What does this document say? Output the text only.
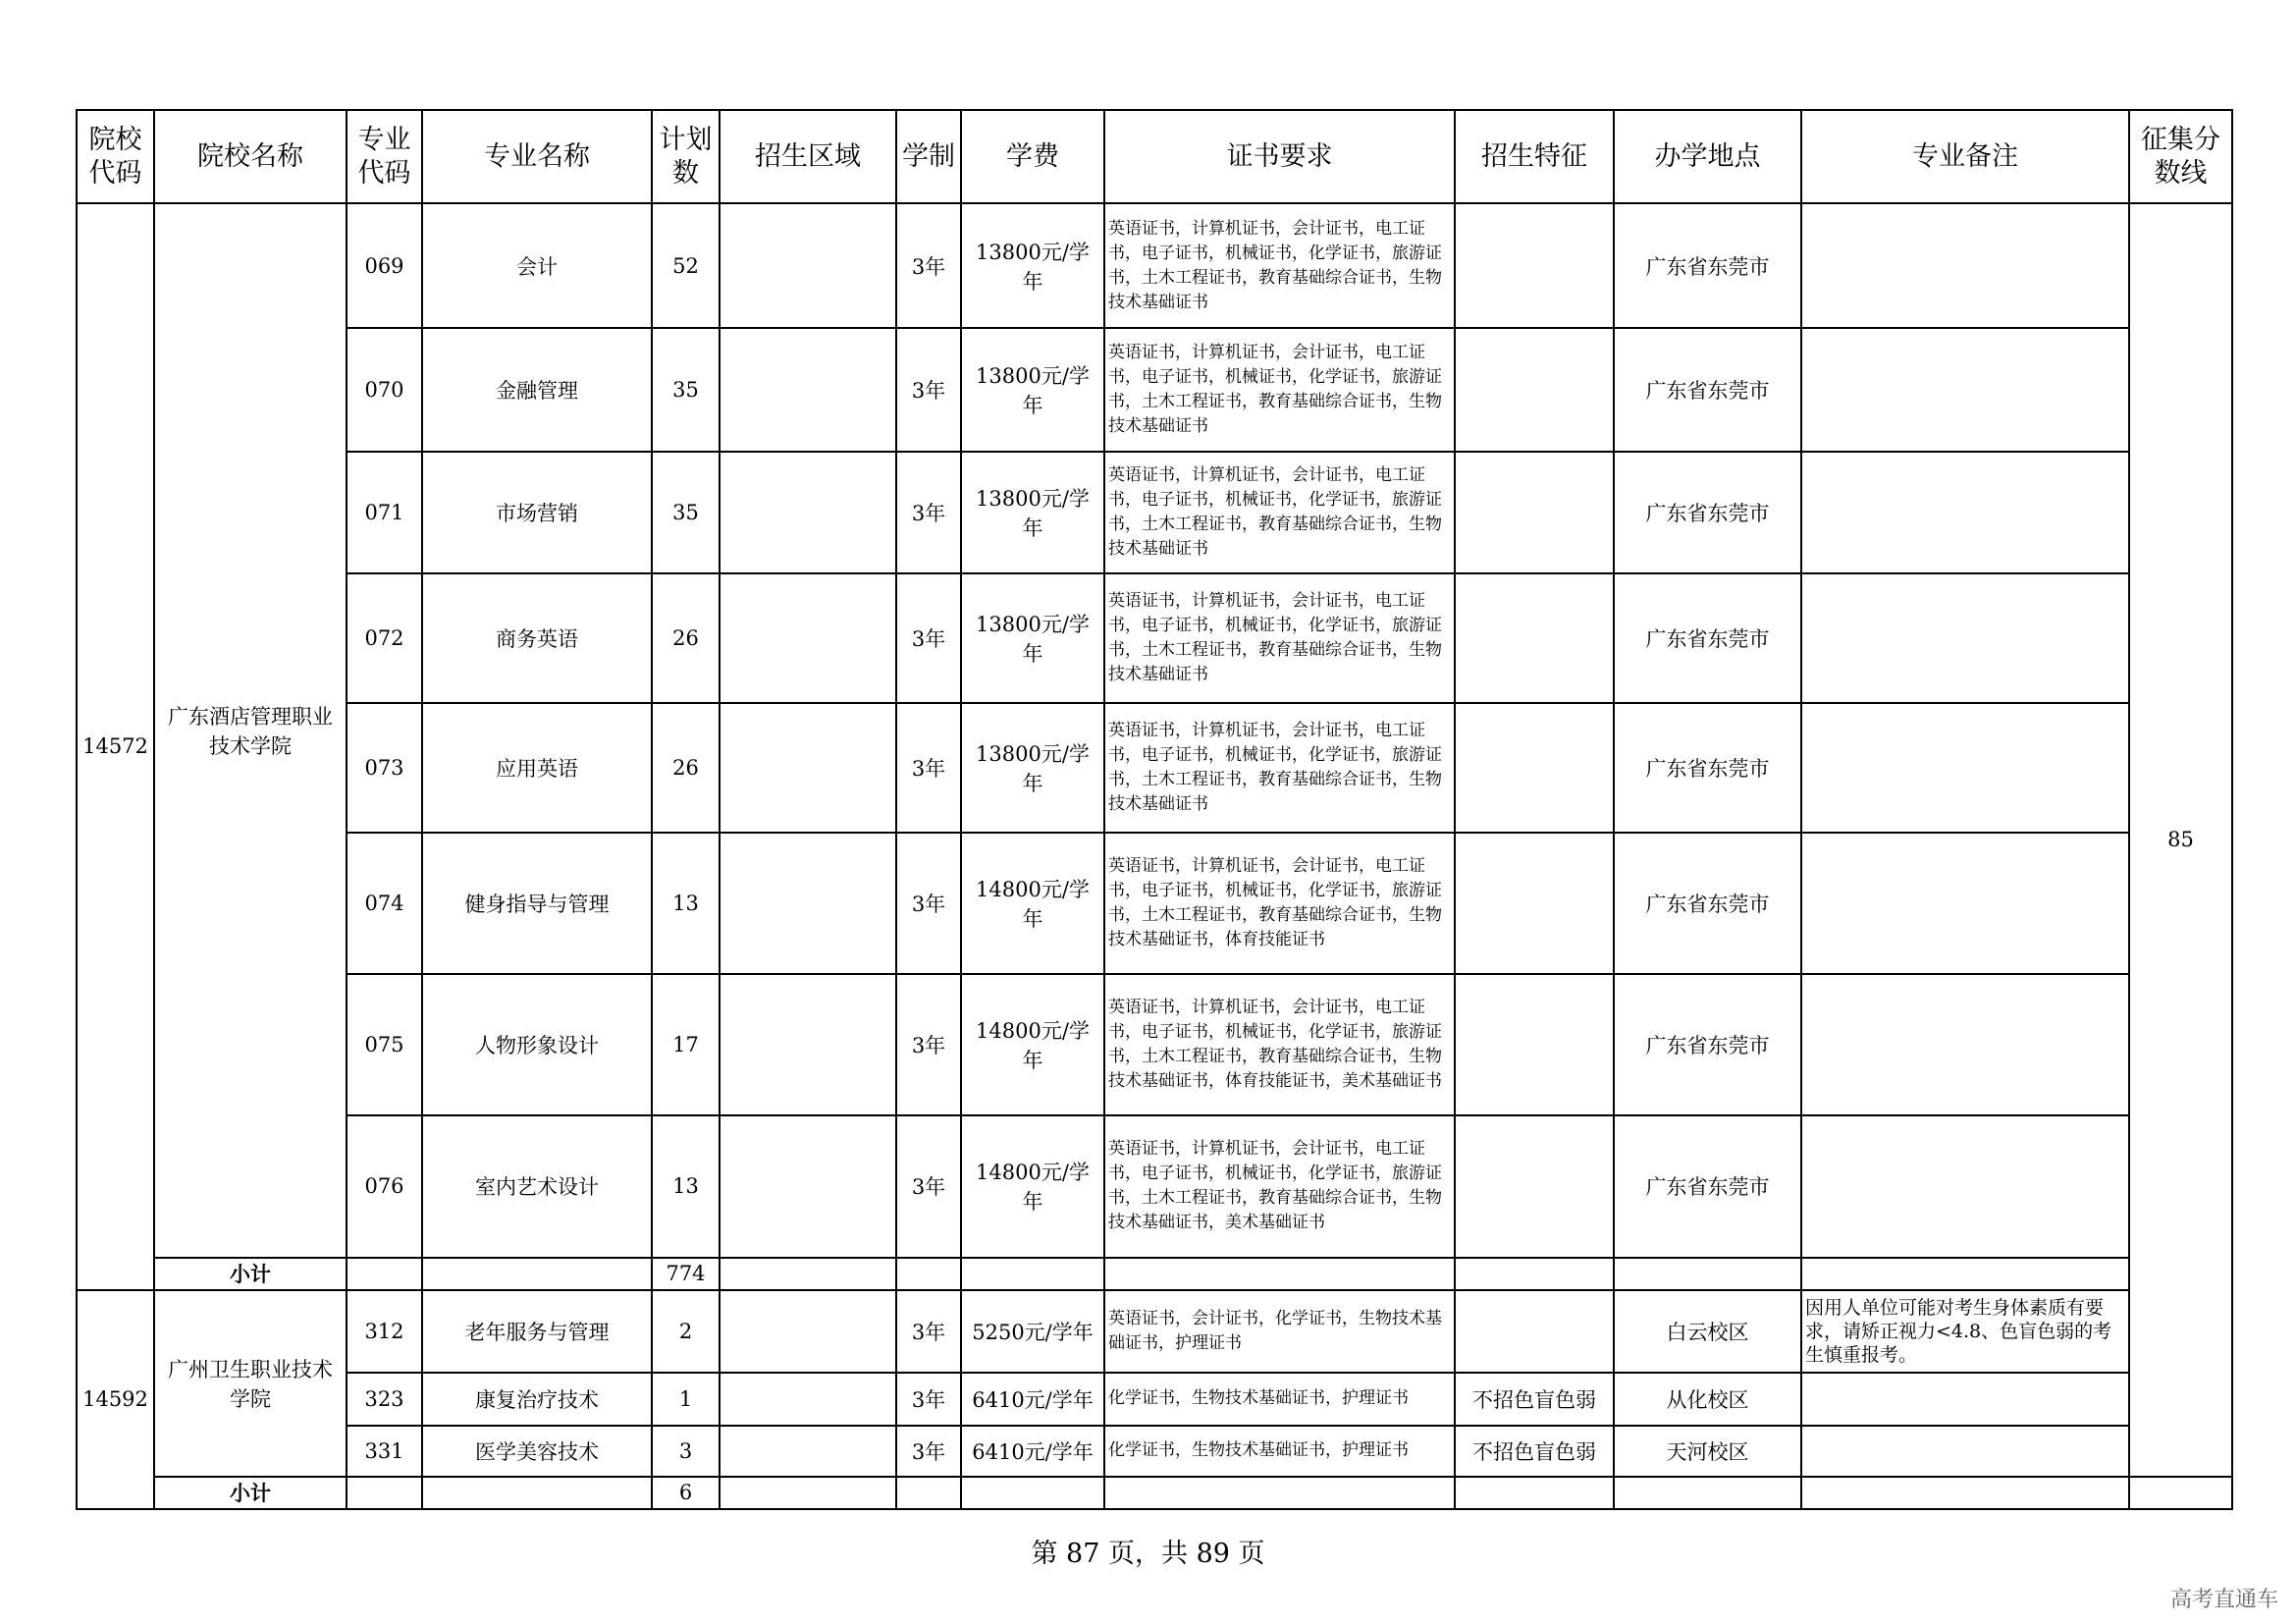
院校代码	院校名称	专业代码	专业名称	计划数	招生区域	学制	学费	证书要求	招生特征	办学地点	专业备注	征集分数线
14572	广东酒店管理职业技术学院	069	会计	52		3年	13800元/学年	英语证书，计算机证书，会计证书，电工证书，电子证书，机械证书，化学证书，旅游证书，土木工程证书，教育基础综合证书，生物技术基础证书		广东省东莞市		85
		070	金融管理	35		3年	13800元/学年	英语证书，计算机证书，会计证书，电工证书，电子证书，机械证书，化学证书，旅游证书，土木工程证书，教育基础综合证书，生物技术基础证书		广东省东莞市		
		071	市场营销	35		3年	13800元/学年	英语证书，计算机证书，会计证书，电工证书，电子证书，机械证书，化学证书，旅游证书，土木工程证书，教育基础综合证书，生物技术基础证书		广东省东莞市		
		072	商务英语	26		3年	13800元/学年	英语证书，计算机证书，会计证书，电工证书，电子证书，机械证书，化学证书，旅游证书，土木工程证书，教育基础综合证书，生物技术基础证书		广东省东莞市		
		073	应用英语	26		3年	13800元/学年	英语证书，计算机证书，会计证书，电工证书，电子证书，机械证书，化学证书，旅游证书，土木工程证书，教育基础综合证书，生物技术基础证书		广东省东莞市		
		074	健身指导与管理	13		3年	14800元/学年	英语证书，计算机证书，会计证书，电工证书，电子证书，机械证书，化学证书，旅游证书，土木工程证书，教育基础综合证书，生物技术基础证书，体育技能证书		广东省东莞市		
		075	人物形象设计	17		3年	14800元/学年	英语证书，计算机证书，会计证书，电工证书，电子证书，机械证书，化学证书，旅游证书，土木工程证书，教育基础综合证书，生物技术基础证书，体育技能证书，美术基础证书		广东省东莞市		
		076	室内艺术设计	13		3年	14800元/学年	英语证书，计算机证书，会计证书，电工证书，电子证书，机械证书，化学证书，旅游证书，土木工程证书，教育基础综合证书，生物技术基础证书，美术基础证书		广东省东莞市		
	小计			774								
14592	广州卫生职业技术学院	312	老年服务与管理	2		3年	5250元/学年	英语证书，会计证书，化学证书，生物技术基础证书，护理证书		白云校区	因用人单位可能对考生身体素质有要求，请矫正视力<4.8、色盲色弱的考生慎重报考。	
		323	康复治疗技术	1		3年	6410元/学年	化学证书，生物技术基础证书，护理证书	不招色盲色弱	从化校区		
		331	医学美容技术	3		3年	6410元/学年	化学证书，生物技术基础证书，护理证书	不招色盲色弱	天河校区		
	小计			6								
第 87 页，共 89 页
高考直通车
